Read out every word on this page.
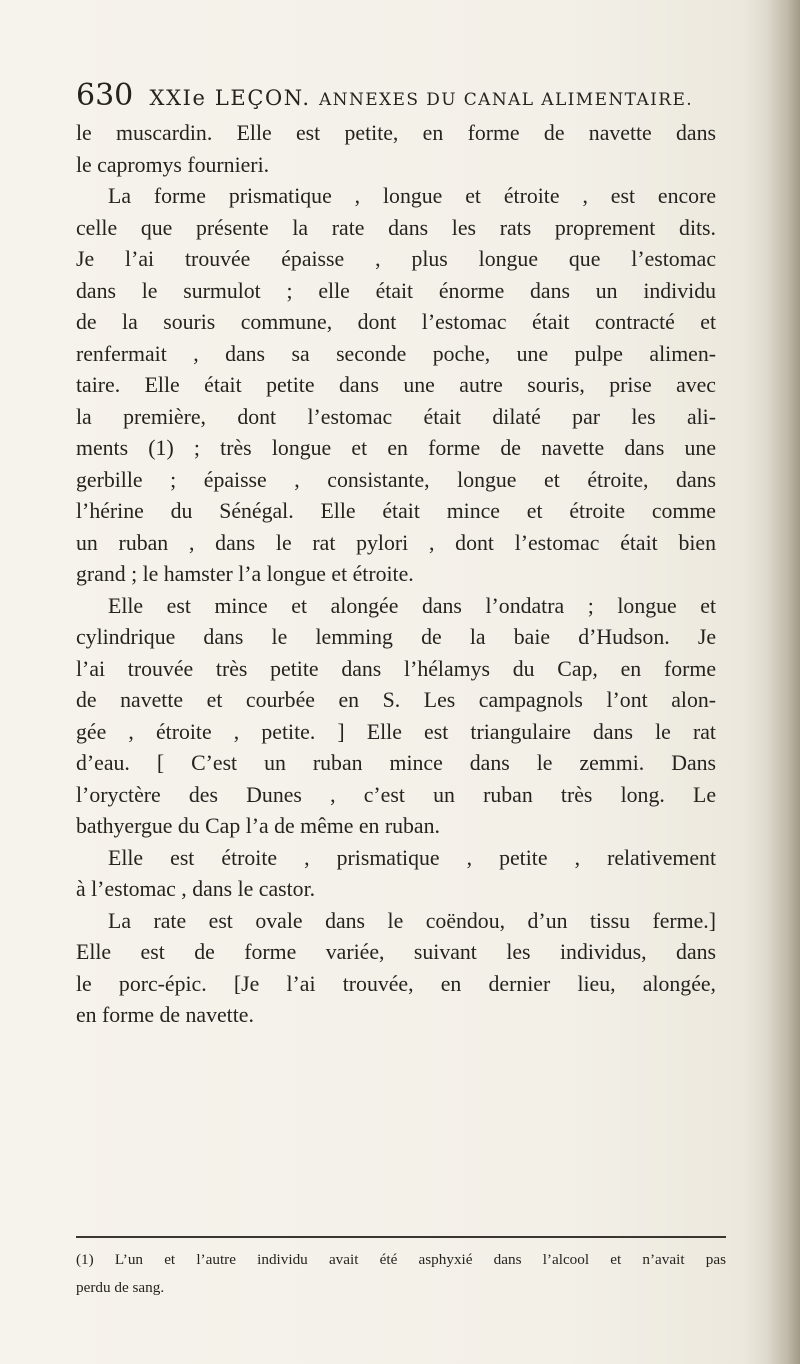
630 XXIe LEÇON. ANNEXES DU CANAL ALIMENTAIRE.
le muscardin. Elle est petite, en forme de navette dans
le capromys fournieri.
La forme prismatique , longue et étroite , est encore
celle que présente la rate dans les rats proprement dits.
Je l’ai trouvée épaisse , plus longue que l’estomac
dans le surmulot ; elle était énorme dans un individu
de la souris commune, dont l’estomac était contracté et
renfermait , dans sa seconde poche, une pulpe alimen-
taire. Elle était petite dans une autre souris, prise avec
la première, dont l’estomac était dilaté par les ali-
ments (1) ; très longue et en forme de navette dans une
gerbille ; épaisse , consistante, longue et étroite, dans
l’hérine du Sénégal. Elle était mince et étroite comme
un ruban , dans le rat pylori , dont l’estomac était bien
grand ; le hamster l’a longue et étroite.
Elle est mince et alongée dans l’ondatra ; longue et
cylindrique dans le lemming de la baie d’Hudson. Je
l’ai trouvée très petite dans l’hélamys du Cap, en forme
de navette et courbée en S. Les campagnols l’ont alon-
gée , étroite , petite. ] Elle est triangulaire dans le rat
d’eau. [ C’est un ruban mince dans le zemmi. Dans
l’oryctère des Dunes , c’est un ruban très long. Le
bathyergue du Cap l’a de même en ruban.
Elle est étroite , prismatique , petite , relativement
à l’estomac , dans le castor.
La rate est ovale dans le coëndou, d’un tissu ferme.]
Elle est de forme variée, suivant les individus, dans
le porc-épic. [Je l’ai trouvée, en dernier lieu, alongée,
en forme de navette.
(1) L’un et l’autre individu avait été asphyxié dans l’alcool et n’avait pas
perdu de sang.
